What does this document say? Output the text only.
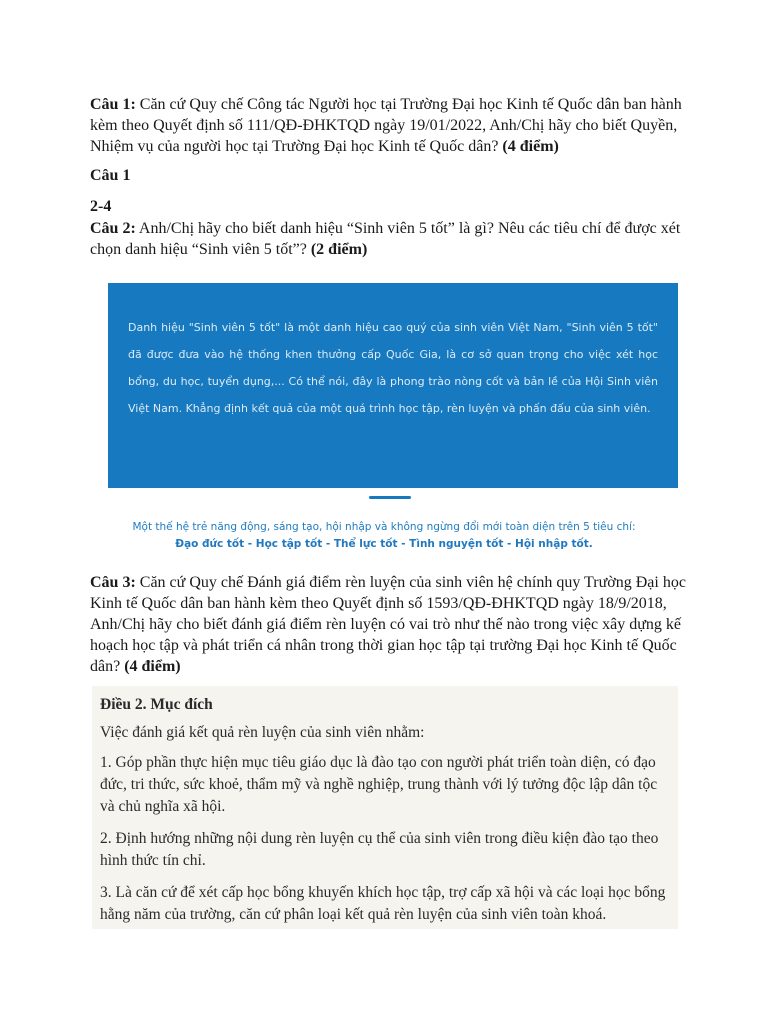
Câu 1: Căn cứ Quy chế Công tác Người học tại Trường Đại học Kinh tế Quốc dân ban hành kèm theo Quyết định số 111/QĐ-ĐHKTQD ngày 19/01/2022, Anh/Chị hãy cho biết Quyền, Nhiệm vụ của người học tại Trường Đại học Kinh tế Quốc dân? (4 điểm)
Câu 1
2-4
Câu 2: Anh/Chị hãy cho biết danh hiệu “Sinh viên 5 tốt” là gì? Nêu các tiêu chí để được xét chọn danh hiệu “Sinh viên 5 tốt”? (2 điểm)

Danh hiệu "Sinh viên 5 tốt" là một danh hiệu cao quý của sinh viên Việt Nam, "Sinh viên 5 tốt" đã được đưa vào hệ thống khen thưởng cấp Quốc Gia, là cơ sở quan trọng cho việc xét học bổng, du học, tuyển dụng,... Có thể nói, đây là phong trào nòng cốt và bản lề của Hội Sinh viên Việt Nam. Khẳng định kết quả của một quá trình học tập, rèn luyện và phấn đấu của sinh viên.

Một thế hệ trẻ năng động, sáng tạo, hội nhập và không ngừng đổi mới toàn diện trên 5 tiêu chí:
Đạo đức tốt - Học tập tốt - Thể lực tốt - Tình nguyện tốt - Hội nhập tốt.
Câu 3: Căn cứ Quy chế Đánh giá điểm rèn luyện của sinh viên hệ chính quy Trường Đại học Kinh tế Quốc dân ban hành kèm theo Quyết định số 1593/QĐ-ĐHKTQD ngày 18/9/2018, Anh/Chị hãy cho biết đánh giá điểm rèn luyện có vai trò như thế nào trong việc xây dựng kế hoạch học tập và phát triển cá nhân trong thời gian học tập tại trường Đại học Kinh tế Quốc dân? (4 điểm)
Điều 2. Mục đích

Việc đánh giá kết quả rèn luyện của sinh viên nhằm:

1. Góp phần thực hiện mục tiêu giáo dục là đào tạo con người phát triển toàn diện, có đạo đức, tri thức, sức khoẻ, thẩm mỹ và nghề nghiệp, trung thành với lý tưởng độc lập dân tộc và chủ nghĩa xã hội.

2. Định hướng những nội dung rèn luyện cụ thể của sinh viên trong điều kiện đào tạo theo hình thức tín chỉ.

3. Là căn cứ để xét cấp học bổng khuyến khích học tập, trợ cấp xã hội và các loại học bổng hằng năm của trường, căn cứ phân loại kết quả rèn luyện của sinh viên toàn khoá.
